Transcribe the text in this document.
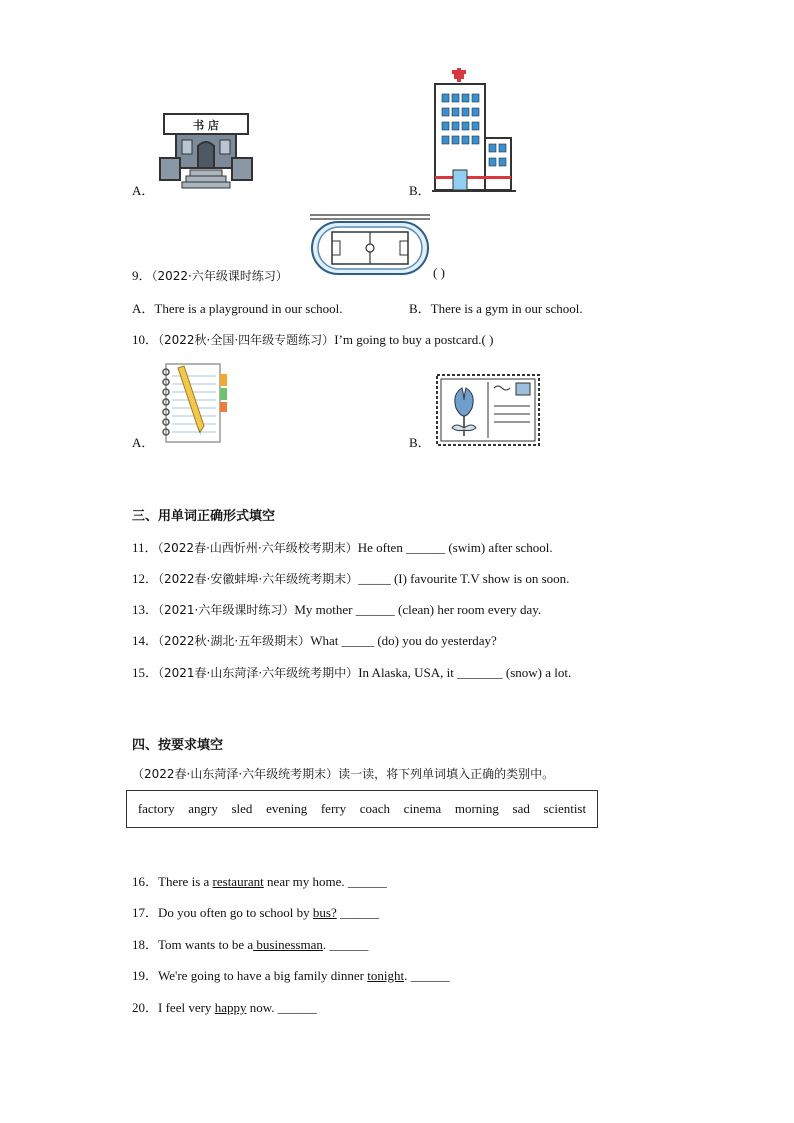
A．
书 店
B．
9．（2022·六年级课时练习）	( )
A．There is a playground in our school.	B．There is a gym in our school.
10．（2022秋·全国·四年级专题练习）I’m going to buy a postcard.( )
A．	B．
三、用单词正确形式填空
11．（2022春·山西忻州·六年级校考期末）He often ______ (swim) after school.
12．（2022春·安徽蚌埠·六年级统考期末）_____ (I) favourite T.V show is on soon.
13．（2021·六年级课时练习）My mother ______ (clean) her room every day.
14．（2022秋·湖北·五年级期末）What _____ (do) you do yesterday?
15．（2021春·山东菏泽·六年级统考期中）In Alaska, USA, it _______ (snow) a lot.
四、按要求填空
（2022春·山东菏泽·六年级统考期末）读一读，将下列单词填入正确的类别中。
factory angry sled evening ferry coach cinema morning sad scientist
16．There is a restaurant near my home. ______
17．Do you often go to school by bus? ______
18．Tom wants to be a businessman. ______
19．We're going to have a big family dinner tonight. ______
20．I feel very happy now. ______
